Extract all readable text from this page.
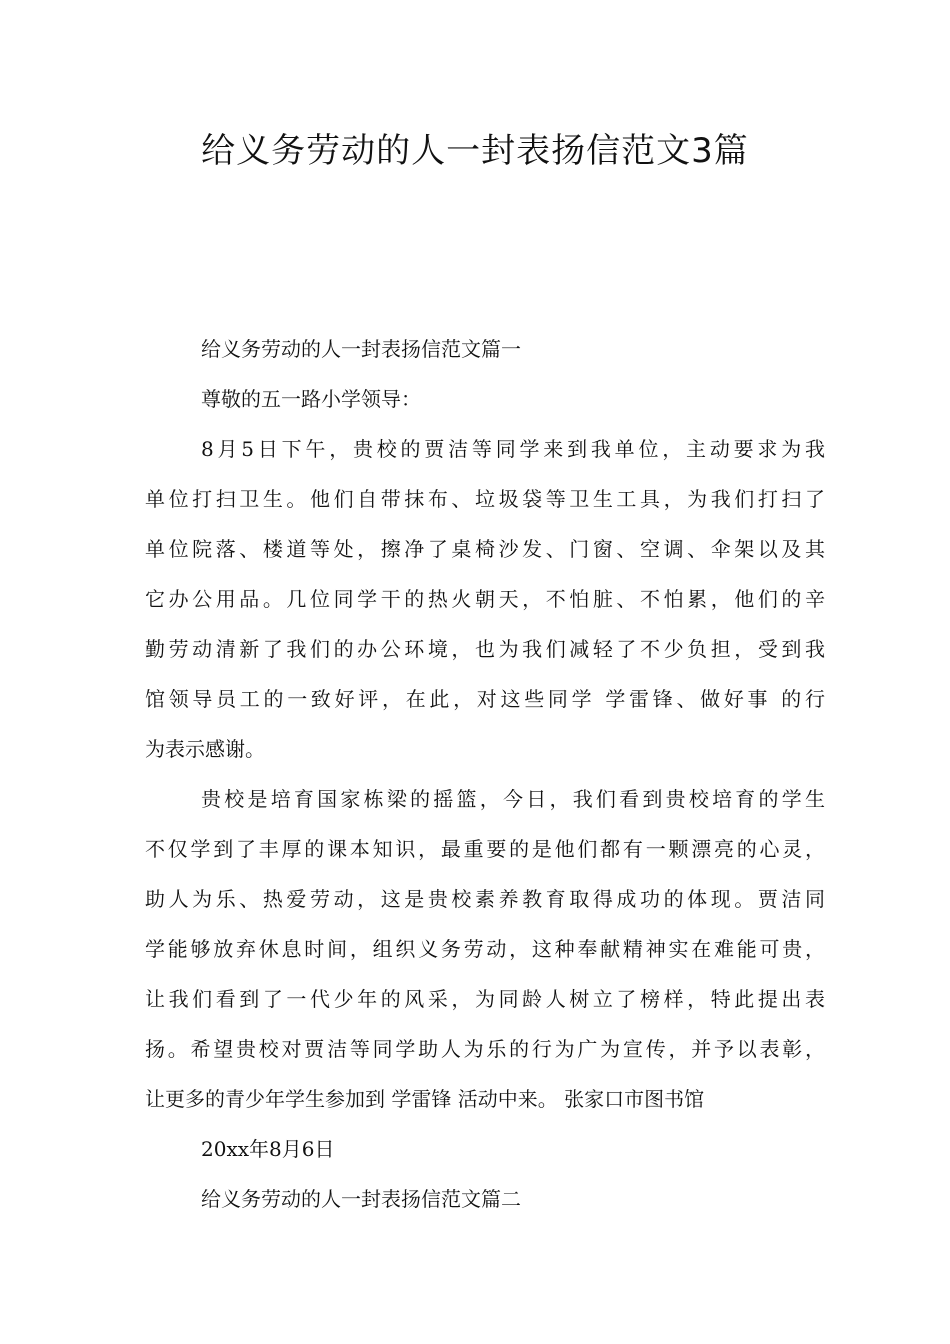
给义务劳动的人一封表扬信范文3篇
给义务劳动的人一封表扬信范文篇一
尊敬的五一路小学领导：
8月5日下午，贵校的贾洁等同学来到我单位，主动要求为我
单位打扫卫生。他们自带抹布、垃圾袋等卫生工具，为我们打扫了
单位院落、楼道等处，擦净了桌椅沙发、门窗、空调、伞架以及其
它办公用品。几位同学干的热火朝天，不怕脏、不怕累，他们的辛
勤劳动清新了我们的办公环境，也为我们减轻了不少负担，受到我
馆领导员工的一致好评，在此，对这些同学 学雷锋、做好事 的行
为表示感谢。
贵校是培育国家栋梁的摇篮，今日，我们看到贵校培育的学生
不仅学到了丰厚的课本知识，最重要的是他们都有一颗漂亮的心灵，
助人为乐、热爱劳动，这是贵校素养教育取得成功的体现。贾洁同
学能够放弃休息时间，组织义务劳动，这种奉献精神实在难能可贵，
让我们看到了一代少年的风采，为同龄人树立了榜样，特此提出表
扬。希望贵校对贾洁等同学助人为乐的行为广为宣传，并予以表彰，
让更多的青少年学生参加到 学雷锋 活动中来。 张家口市图书馆
20xx年8月6日
给义务劳动的人一封表扬信范文篇二
